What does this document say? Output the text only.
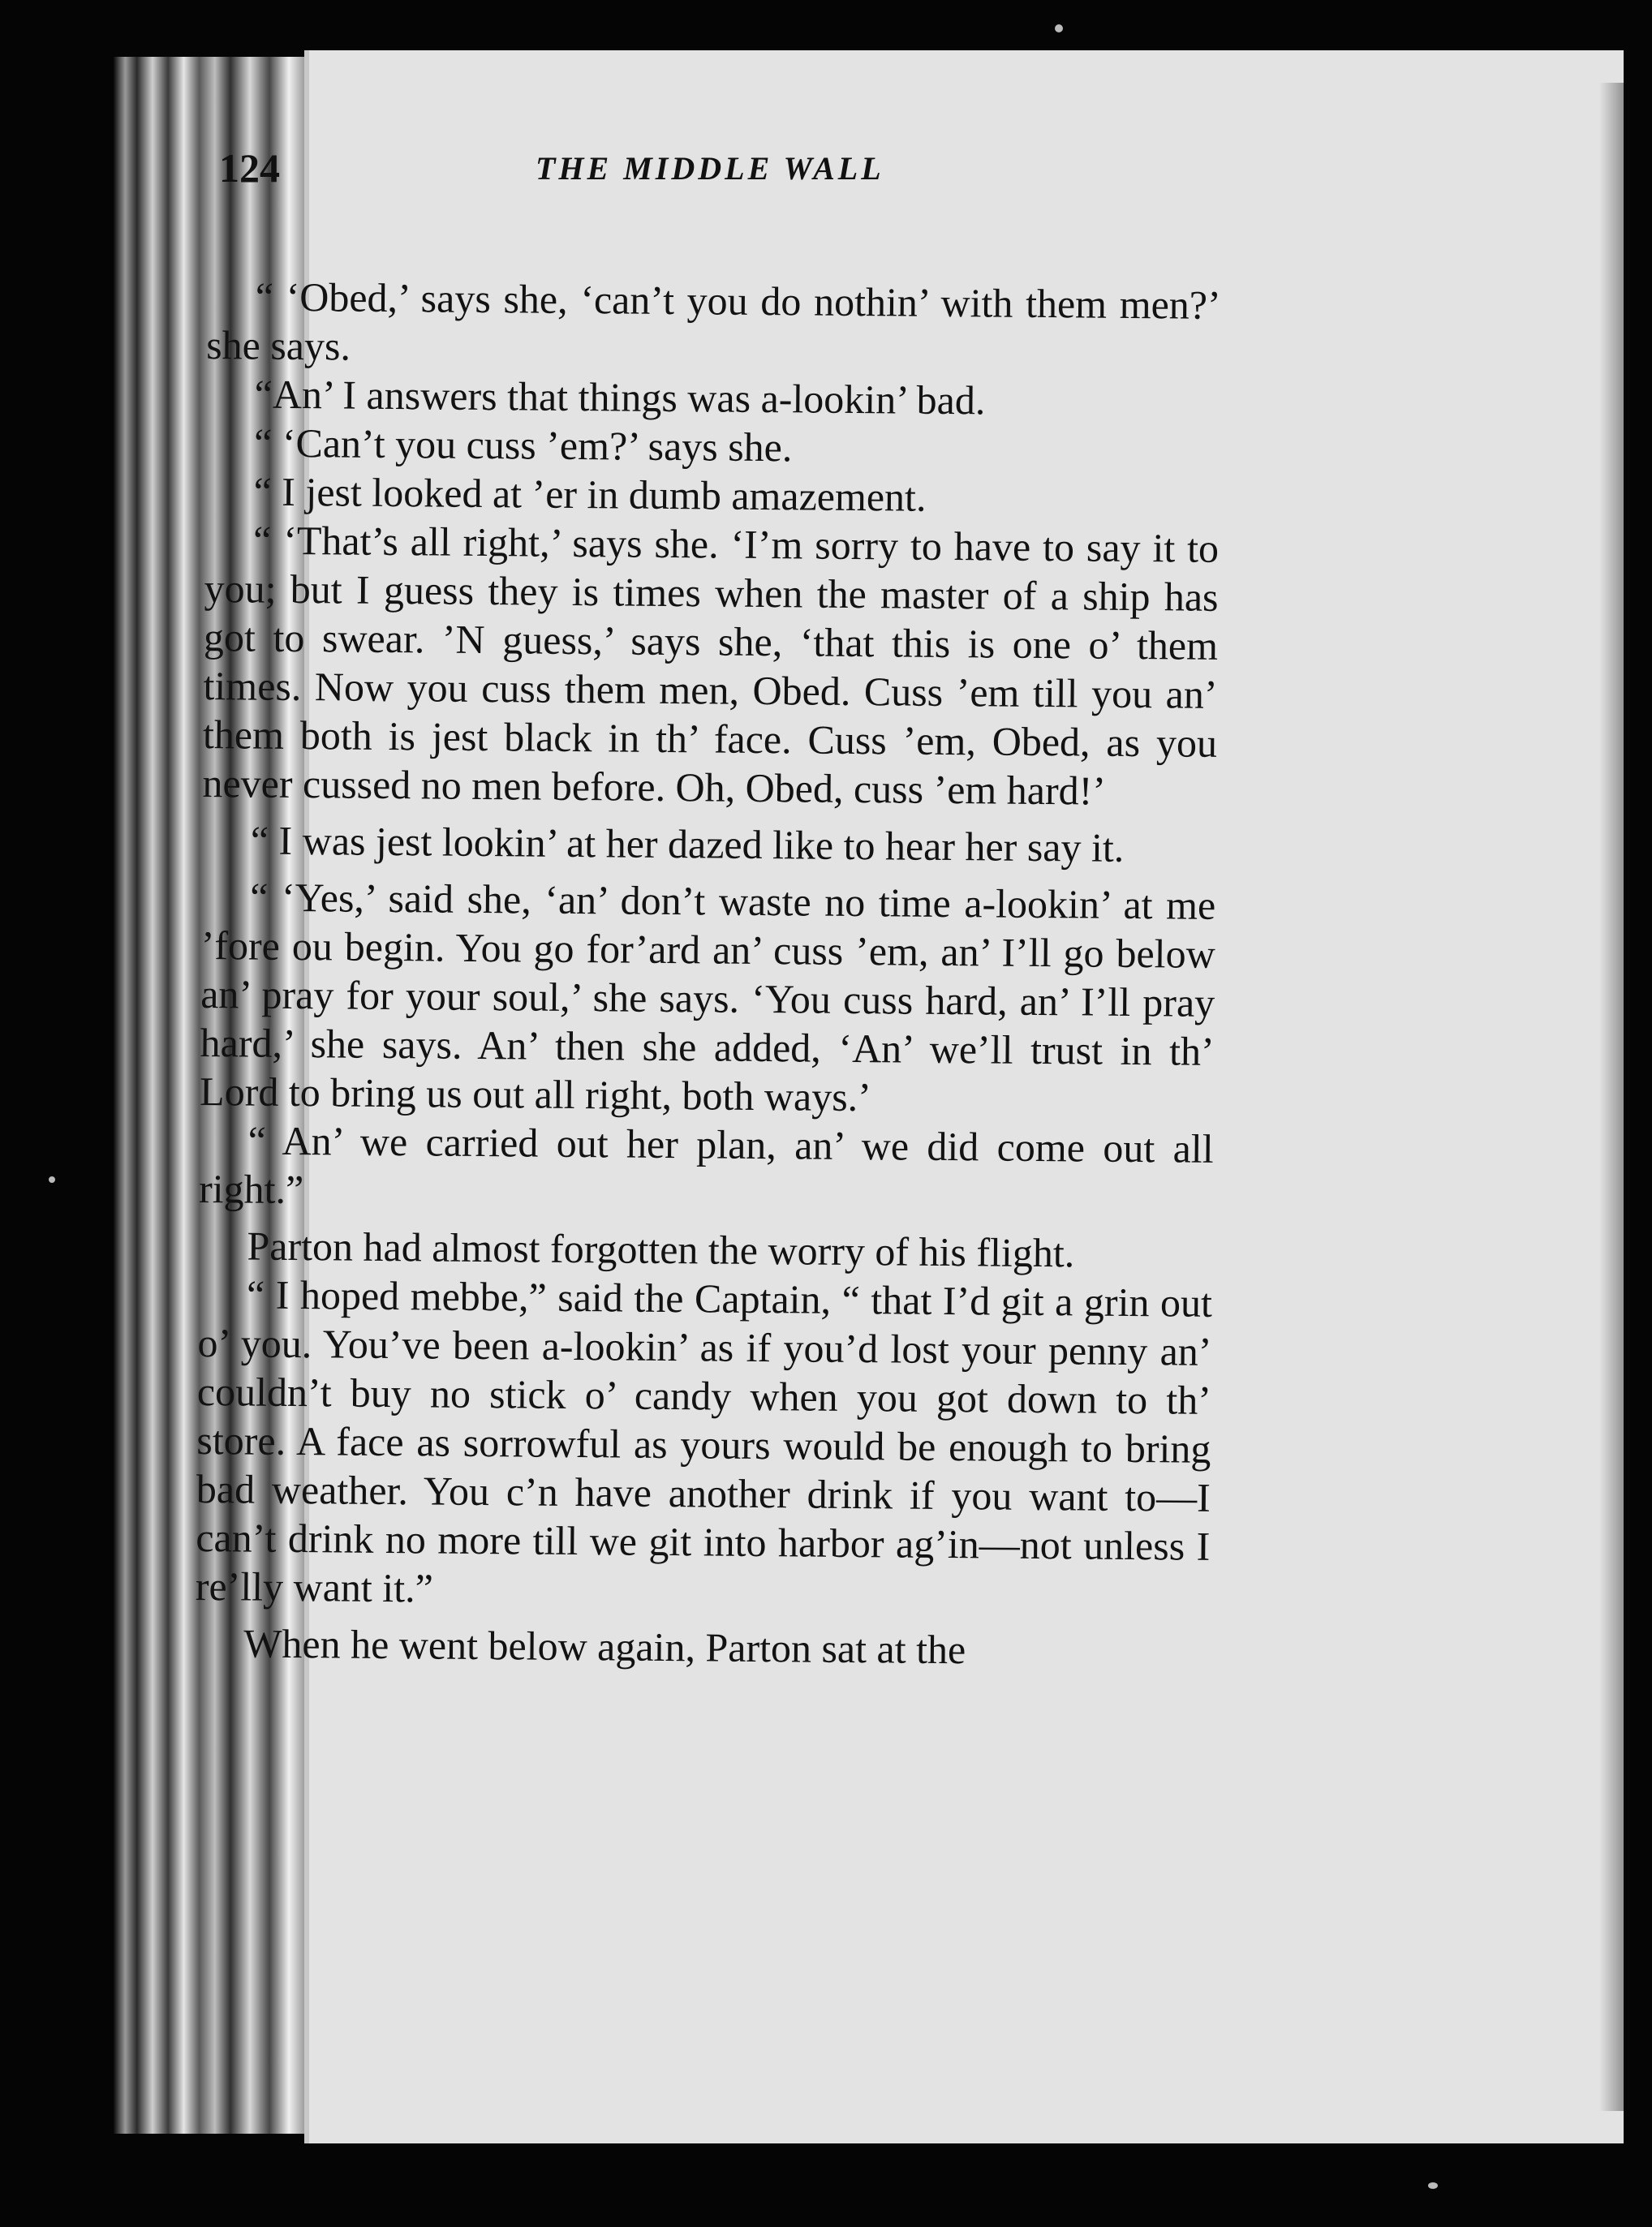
124	THE MIDDLE WALL

“ ‘Obed,’ says she, ‘can’t you do nothin’ with them men?’ she says.

“An’ I answers that things was a-lookin’ bad.

“ ‘Can’t you cuss ’em?’ says she.

“ I jest looked at ’er in dumb amazement.

“ ‘That’s all right,’ says she. ‘I’m sorry to have to say it to you; but I guess they is times when the master of a ship has got to swear. ’N guess,’ says she, ‘that this is one o’ them times. Now you cuss them men, Obed. Cuss ’em till you an’ them both is jest black in th’ face. Cuss ’em, Obed, as you never cussed no men before. Oh, Obed, cuss ’em hard!’

“ I was jest lookin’ at her dazed like to hear her say it.

“ ‘Yes,’ said she, ‘an’ don’t waste no time a-lookin’ at me ’fore ou begin. You go for’ard an’ cuss ’em, an’ I’ll go below an’ pray for your soul,’ she says. ‘You cuss hard, an’ I’ll pray hard,’ she says. An’ then she added, ‘An’ we’ll trust in th’ Lord to bring us out all right, both ways.’

“ An’ we carried out her plan, an’ we did come out all right.”

Parton had almost forgotten the worry of his flight.

“ I hoped mebbe,” said the Captain, “ that I’d git a grin out o’ you. You’ve been a-lookin’ as if you’d lost your penny an’ couldn’t buy no stick o’ candy when you got down to th’ store. A face as sorrowful as yours would be enough to bring bad weather. You c’n have another drink if you want to—I can’t drink no more till we git into harbor ag’in—not unless I re’lly want it.”

When he went below again, Parton sat at the
